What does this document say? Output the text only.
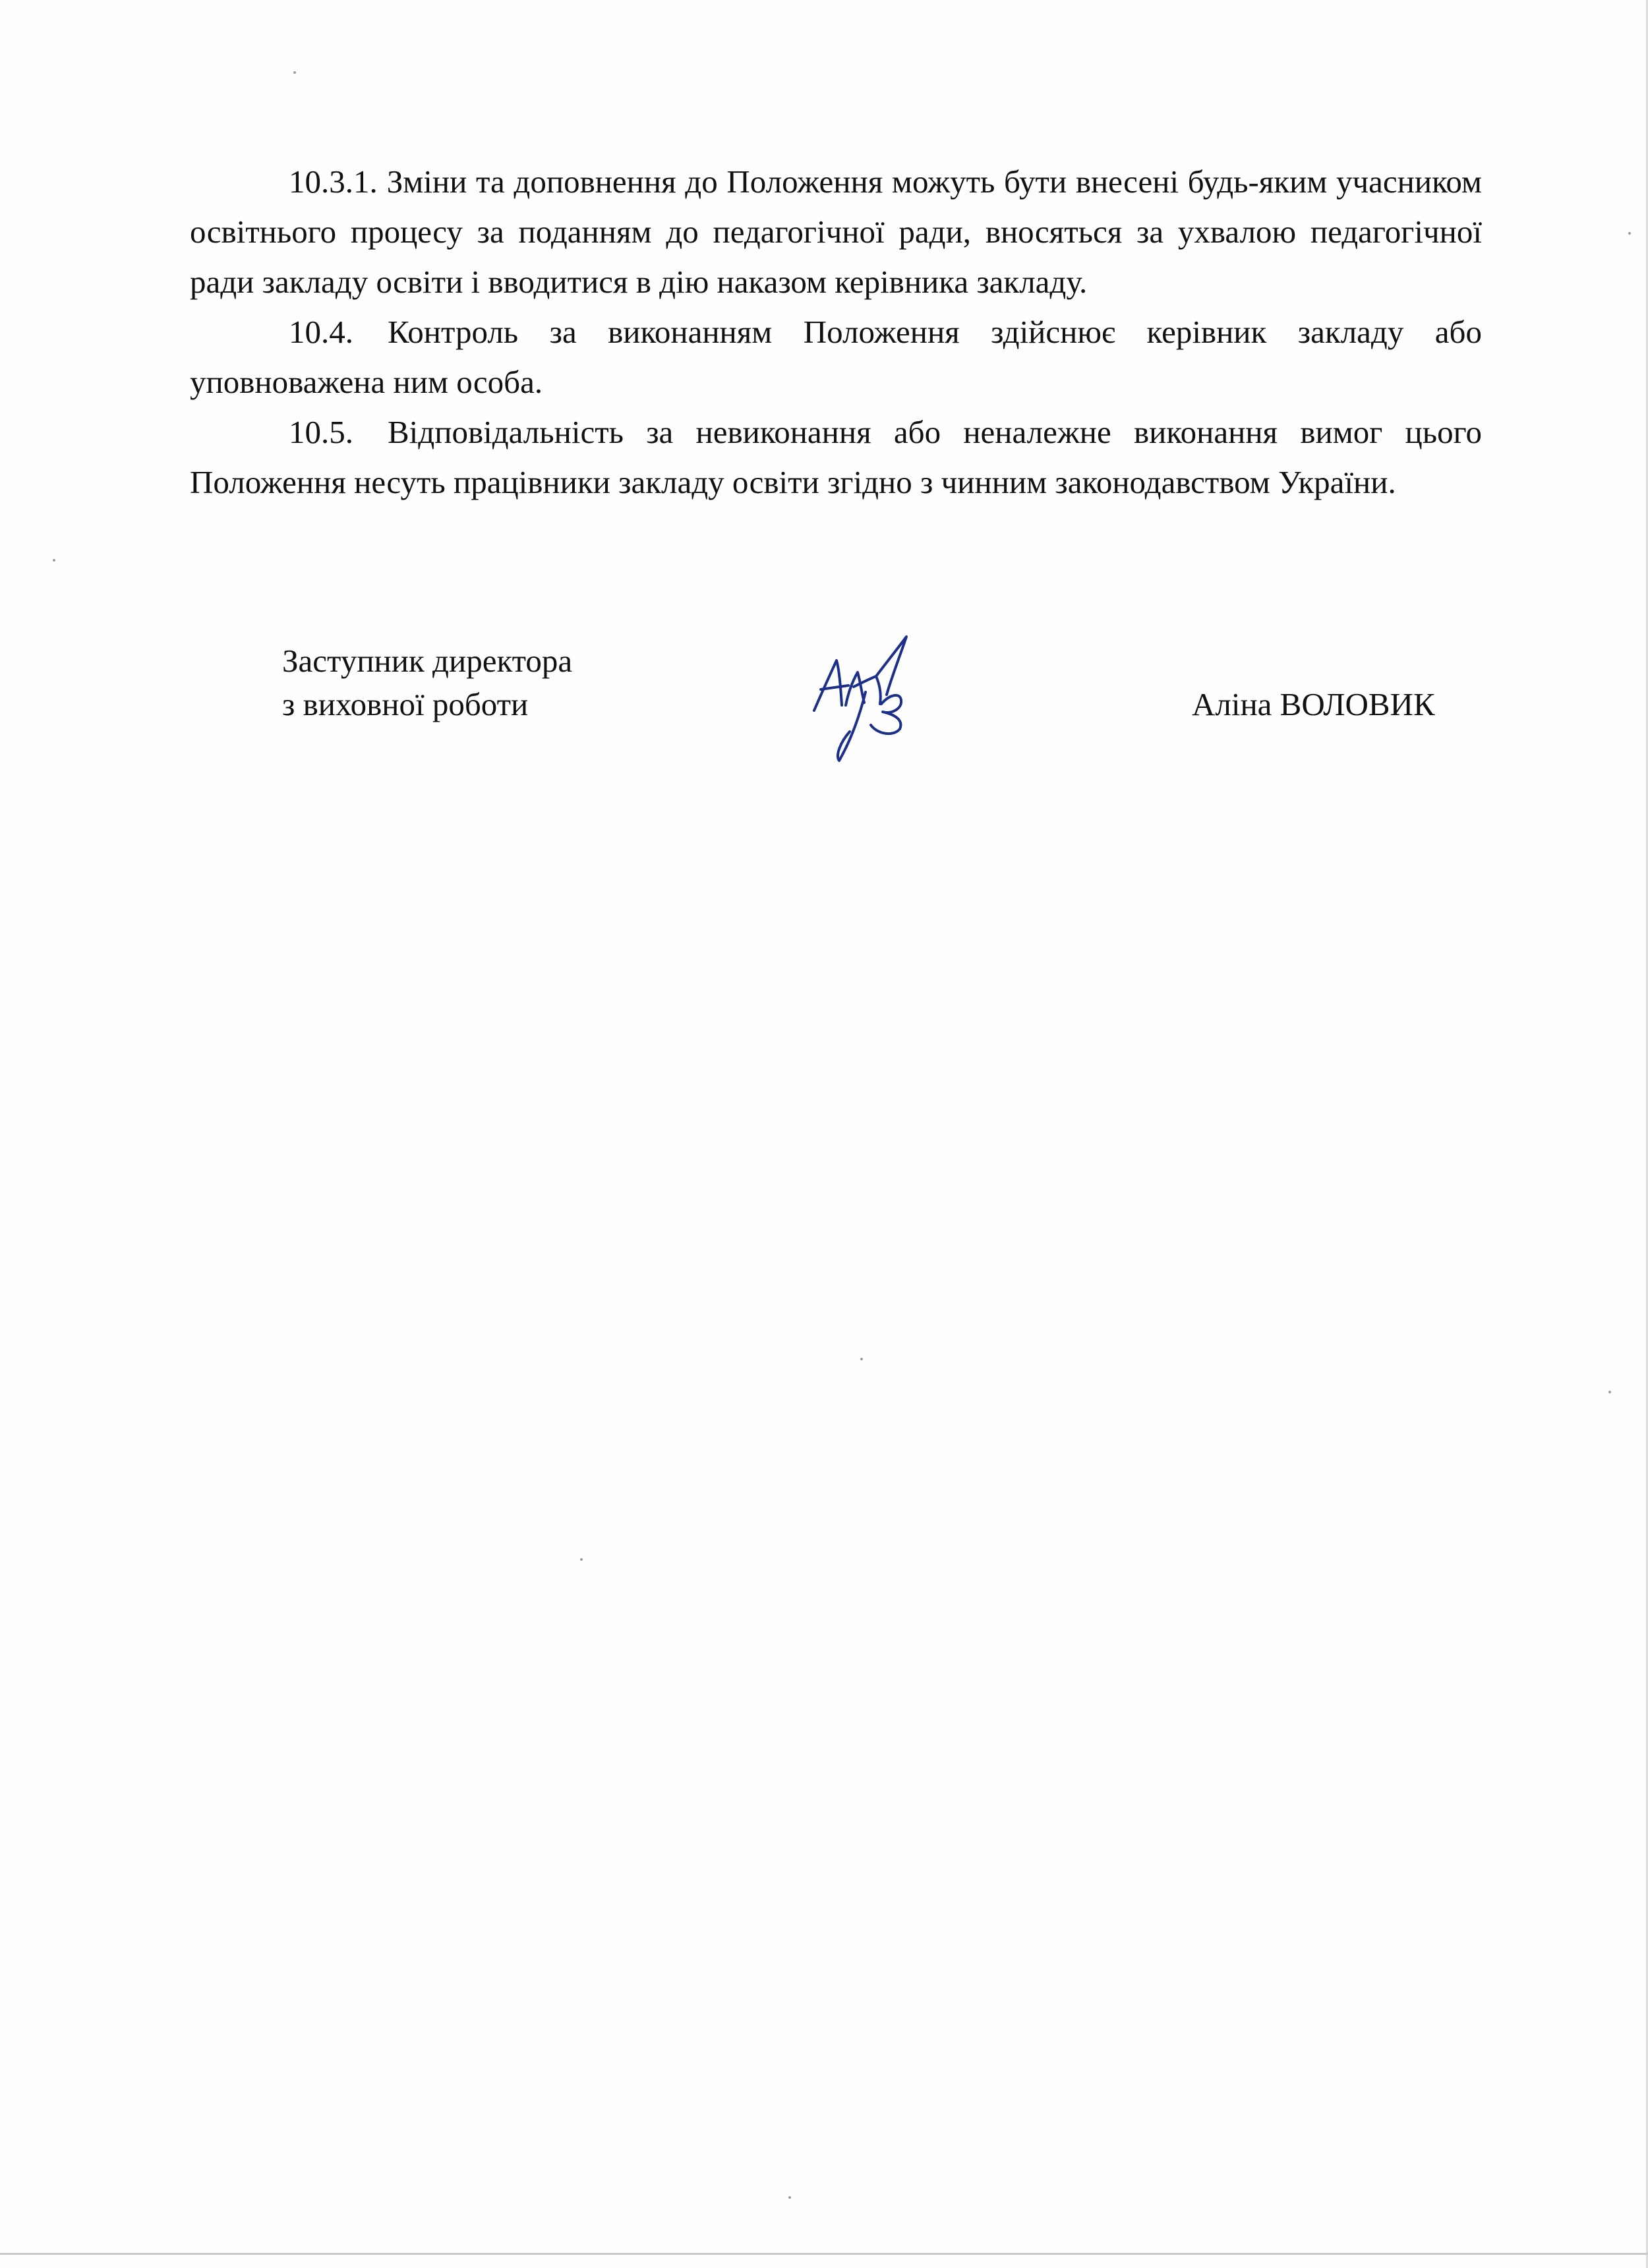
10.3.1. Зміни та доповнення до Положення можуть бути внесені будь-яким учасником освітнього процесу за поданням до педагогічної ради, вносяться за ухвалою педагогічної ради закладу освіти і вводитися в дію наказом керівника закладу.

10.4. Контроль за виконанням Положення здійснює керівник закладу або уповноважена ним особа.

10.5. Відповідальність за невиконання або неналежне виконання вимог цього Положення несуть працівники закладу освіти згідно з чинним законодавством України.

Заступник директора
з виховної роботи	Аліна ВОЛОВИК
